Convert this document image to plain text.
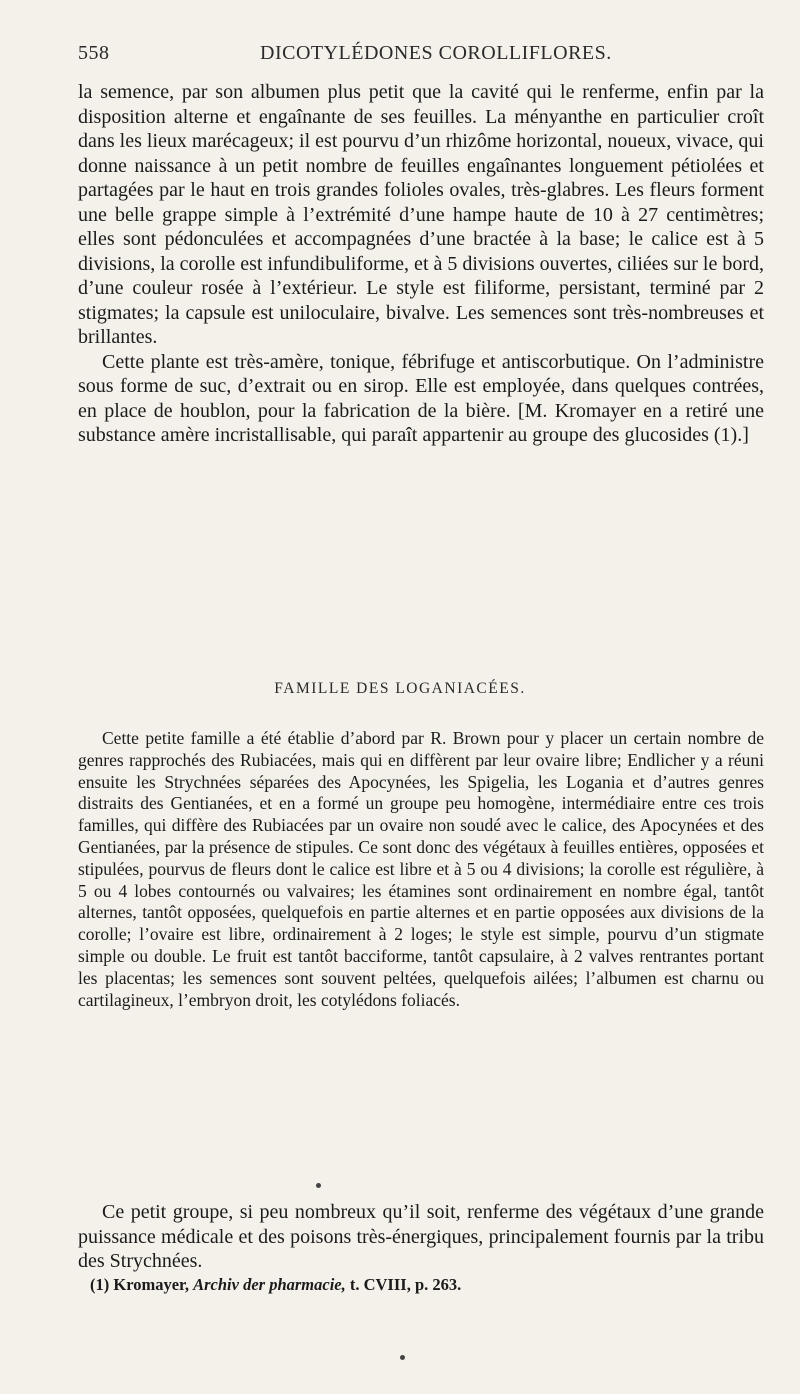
558	DICOTYLÉDONES COROLLIFLORES.

la semence, par son albumen plus petit que la cavité qui le renferme, enfin par la disposition alterne et engaînante de ses feuilles. La ményanthe en particulier croît dans les lieux marécageux; il est pourvu d’un rhizôme horizontal, noueux, vivace, qui donne naissance à un petit nombre de feuilles engaînantes longuement pétiolées et partagées par le haut en trois grandes folioles ovales, très-glabres. Les fleurs forment une belle grappe simple à l’extrémité d’une hampe haute de 10 à 27 centimètres; elles sont pédonculées et accompagnées d’une bractée à la base; le calice est à 5 divisions, la corolle est infundibuliforme, et à 5 divisions ouvertes, ciliées sur le bord, d’une couleur rosée à l’extérieur. Le style est filiforme, persistant, terminé par 2 stigmates; la capsule est uniloculaire, bivalve. Les semences sont très-nombreuses et brillantes.

Cette plante est très-amère, tonique, fébrifuge et antiscorbutique. On l’administre sous forme de suc, d’extrait ou en sirop. Elle est employée, dans quelques contrées, en place de houblon, pour la fabrication de la bière. [M. Kromayer en a retiré une substance amère incristallisable, qui paraît appartenir au groupe des glucosides (1).]

FAMILLE DES LOGANIACÉES.

Cette petite famille a été établie d’abord par R. Brown pour y placer un certain nombre de genres rapprochés des Rubiacées, mais qui en diffèrent par leur ovaire libre; Endlicher y a réuni ensuite les Strychnées séparées des Apocynées, les Spigelia, les Logania et d’autres genres distraits des Gentianées, et en a formé un groupe peu homogène, intermédiaire entre ces trois familles, qui diffère des Rubiacées par un ovaire non soudé avec le calice, des Apocynées et des Gentianées, par la présence de stipules. Ce sont donc des végétaux à feuilles entières, opposées et stipulées, pourvus de fleurs dont le calice est libre et à 5 ou 4 divisions; la corolle est régulière, à 5 ou 4 lobes contournés ou valvaires; les étamines sont ordinairement en nombre égal, tantôt alternes, tantôt opposées, quelquefois en partie alternes et en partie opposées aux divisions de la corolle; l’ovaire est libre, ordinairement à 2 loges; le style est simple, pourvu d’un stigmate simple ou double. Le fruit est tantôt bacciforme, tantôt capsulaire, à 2 valves rentrantes portant les placentas; les semences sont souvent peltées, quelquefois ailées; l’albumen est charnu ou cartilagineux, l’embryon droit, les cotylédons foliacés.

Ce petit groupe, si peu nombreux qu’il soit, renferme des végétaux d’une grande puissance médicale et des poisons très-énergiques, principalement fournis par la tribu des Strychnées.

(1) Kromayer, Archiv der pharmacie, t. CVIII, p. 263.
